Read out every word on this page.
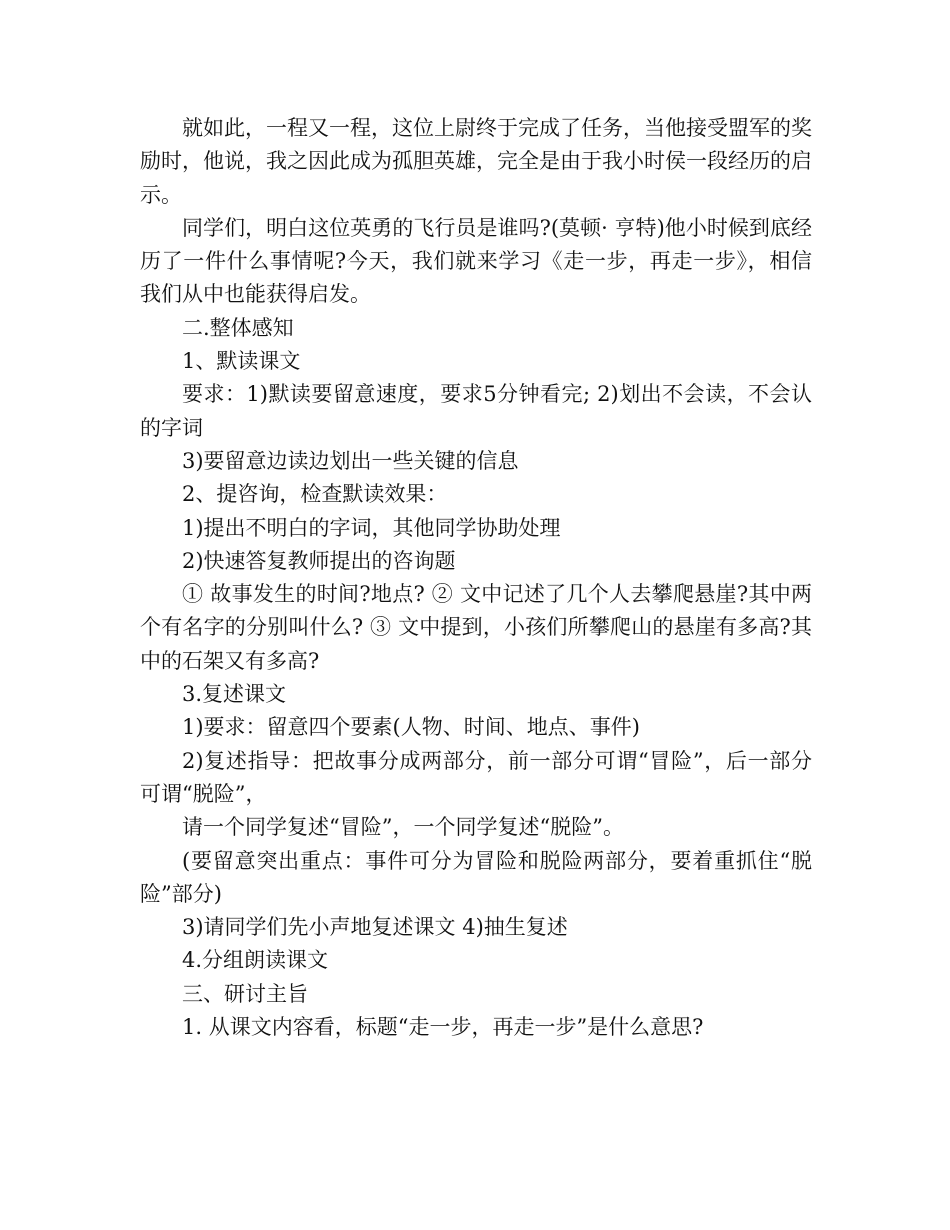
就如此，一程又一程，这位上尉终于完成了任务，当他接受盟军的奖励时，他说，我之因此成为孤胆英雄，完全是由于我小时侯一段经历的启示。

同学们，明白这位英勇的飞行员是谁吗?(莫顿· 亨特)他小时候到底经历了一件什么事情呢?今天，我们就来学习《走一步，再走一步》，相信我们从中也能获得启发。

二.整体感知

1、默读课文

要求：1)默读要留意速度，要求5分钟看完; 2)划出不会读，不会认的字词

3)要留意边读边划出一些关键的信息

2、提咨询，检查默读效果：

1)提出不明白的字词，其他同学协助处理

2)快速答复教师提出的咨询题

① 故事发生的时间?地点? ② 文中记述了几个人去攀爬悬崖?其中两个有名字的分别叫什么? ③ 文中提到，小孩们所攀爬山的悬崖有多高?其中的石架又有多高?

3.复述课文

1)要求：留意四个要素(人物、时间、地点、事件)

2)复述指导：把故事分成两部分，前一部分可谓“冒险”，后一部分可谓“脱险”，

请一个同学复述“冒险”，一个同学复述“脱险”。

(要留意突出重点：事件可分为冒险和脱险两部分，要着重抓住“脱险”部分)

3)请同学们先小声地复述课文 4)抽生复述

4.分组朗读课文

三、研讨主旨

1. 从课文内容看，标题“走一步，再走一步”是什么意思?
